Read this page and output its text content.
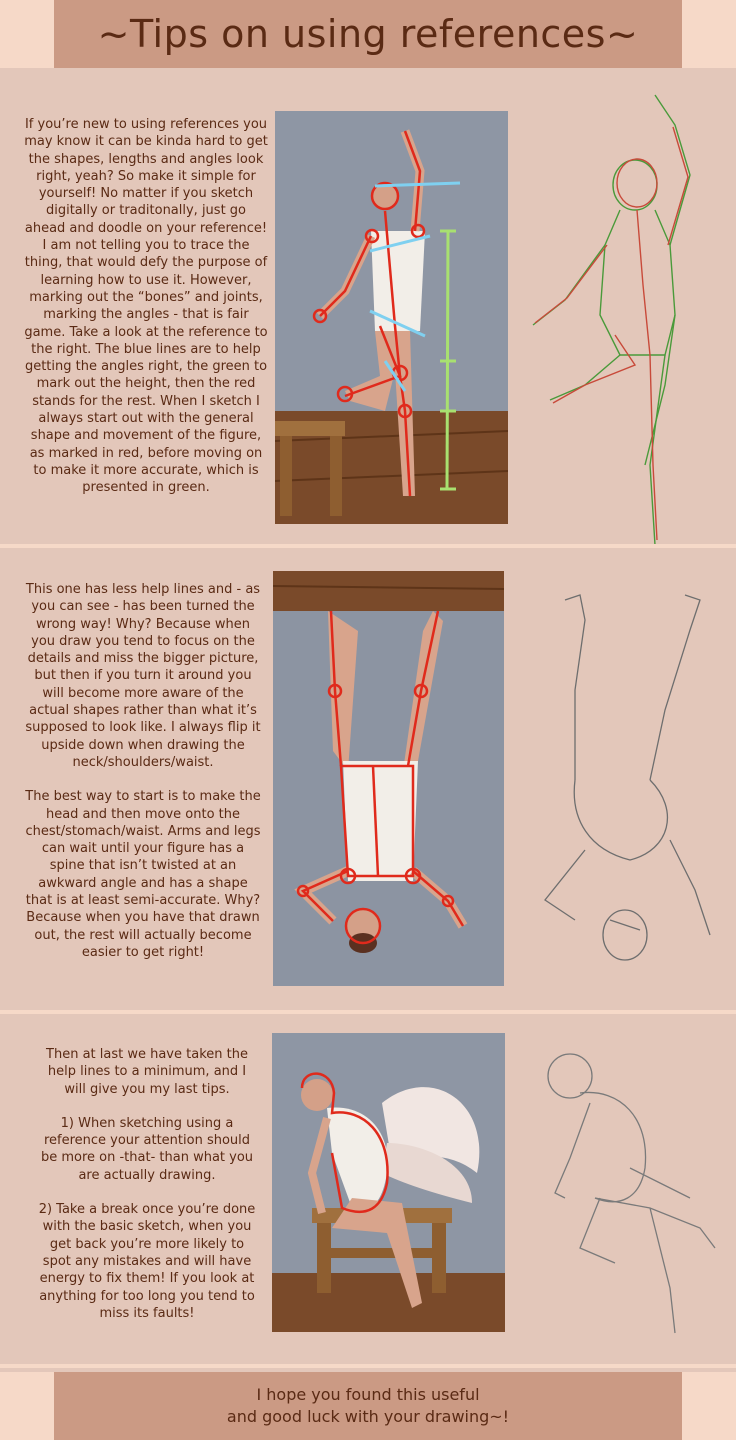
~Tips on using references~

If you’re new to using references you may know it can be kinda hard to get the shapes, lengths and angles look right, yeah? So make it simple for yourself! No matter if you sketch digitally or traditonally, just go ahead and doodle on your reference! I am not telling you to trace the thing, that would defy the purpose of learning how to use it. However, marking out the “bones” and joints, marking the angles - that is fair game. Take a look at the reference to the right. The blue lines are to help getting the angles right, the green to mark out the height, then the red stands for the rest. When I sketch I always start out with the general shape and movement of the figure, as marked in red, before moving on to make it more accurate, which is presented in green.

This one has less help lines and - as you can see - has been turned the wrong way! Why? Because when you draw you tend to focus on the details and miss the bigger picture, but then if you turn it around you will become more aware of the actual shapes rather than what it’s supposed to look like. I always flip it upside down when drawing the neck/shoulders/waist.

The best way to start is to make the head and then move onto the chest/stomach/waist. Arms and legs can wait until your figure has a spine that isn’t twisted at an awkward angle and has a shape that is at least semi-accurate. Why? Because when you have that drawn out, the rest will actually become easier to get right!

Then at last we have taken the help lines to a minimum, and I will give you my last tips.

1) When sketching using a reference your attention should be more on -that- than what you are actually drawing.

2) Take a break once you’re done with the basic sketch, when you get back you’re more likely to spot any mistakes and will have energy to fix them! If you look at anything for too long you tend to miss its faults!

I hope you found this useful
and good luck with your drawing~!
